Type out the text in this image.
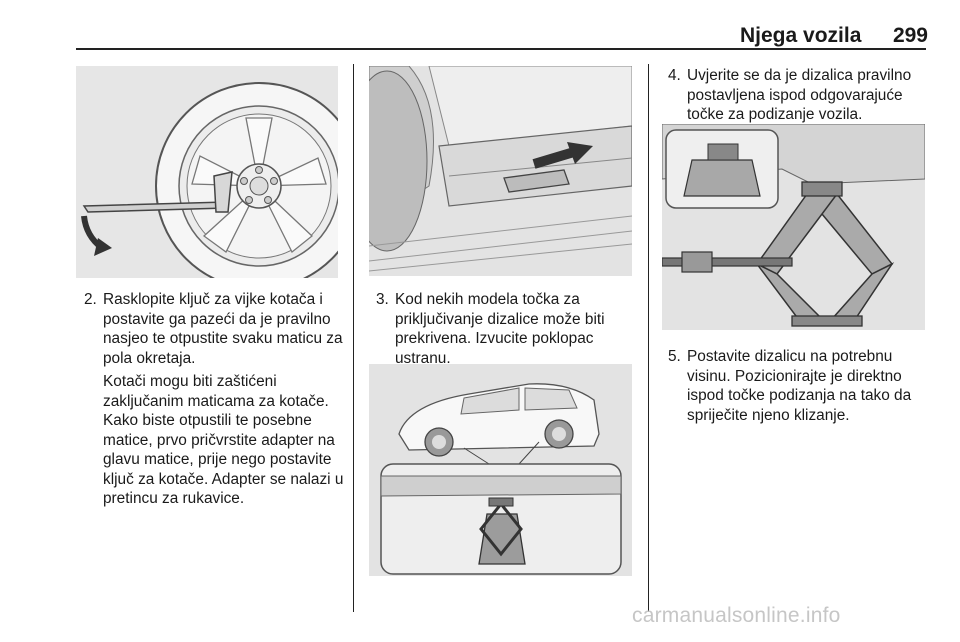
Njega vozila	299
2. Rasklopite ključ za vijke kotača i postavite ga pazeći da je pravilno nasjeo te otpustite svaku maticu za pola okretaja.

Kotači mogu biti zaštićeni zaključanim maticama za kotače. Kako biste otpustili te posebne matice, prvo pričvrstite adapter na glavu matice, prije nego postavite ključ za kotače. Adapter se nalazi u pretincu za rukavice.

3. Kod nekih modela točka za priključivanje dizalice može biti prekrivena. Izvucite poklopac ustranu.

4. Uvjerite se da je dizalica pravilno postavljena ispod odgovarajuće točke za podizanje vozila.

5. Postavite dizalicu na potrebnu visinu. Pozicionirajte je direktno ispod točke podizanja na tako da spriječite njeno klizanje.

carmanualsonline.info
